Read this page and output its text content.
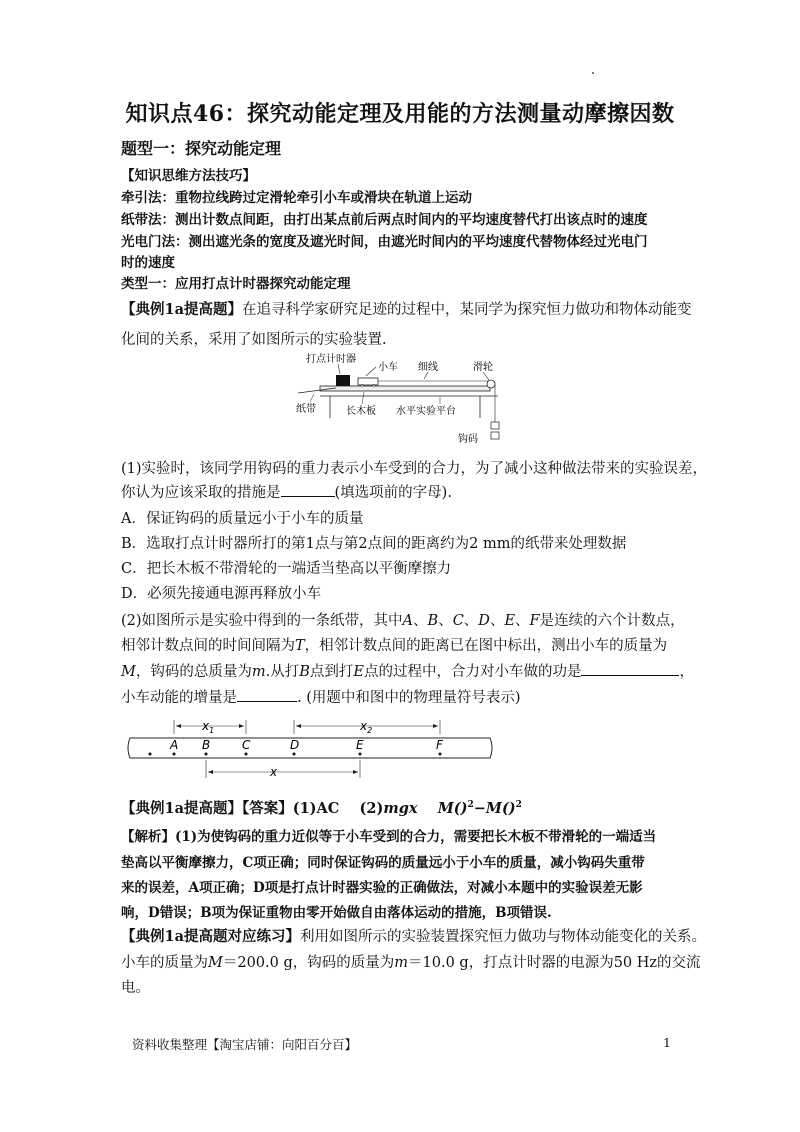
知识点46：探究动能定理及用能的方法测量动摩擦因数
题型一：探究动能定理
【知识思维方法技巧】
牵引法：重物拉线跨过定滑轮牵引小车或滑块在轨道上运动
纸带法：测出计数点间距，由打出某点前后两点时间内的平均速度替代打出该点时的速度
光电门法：测出遮光条的宽度及遮光时间，由遮光时间内的平均速度代替物体经过光电门
时的速度
类型一：应用打点计时器探究动能定理
【典例1a提高题】在追寻科学家研究足迹的过程中，某同学为探究恒力做功和物体动能变
化间的关系，采用了如图所示的实验装置.
打点计时器
小车 细线	滑轮
纸带	长木板 水平实验平台
钩码
(1)实验时，该同学用钩码的重力表示小车受到的合力，为了减小这种做法带来的实验误差，
你认为应该采取的措施是	(填选项前的字母).
A．保证钩码的质量远小于小车的质量
B．选取打点计时器所打的第1点与第2点间的距离约为2 mm的纸带来处理数据
C．把长木板不带滑轮的一端适当垫高以平衡摩擦力
D．必须先接通电源再释放小车
(2)如图所示是实验中得到的一条纸带，其中A、B、C、D、E、F是连续的六个计数点，
相邻计数点间的时间间隔为T，相邻计数点间的距离已在图中标出，测出小车的质量为
M，钩码的总质量为m.从打B点到打E点的过程中，合力对小车做的功是	，
小车动能的增量是	. (用题中和图中的物理量符号表示)
$x_1$	$x_2$
A B	C	D	E	F
x
【典例1a提高题】【答案】(1)AC (2)mgx M()$^2$−M()$^2$
【解析】(1)为使钩码的重力近似等于小车受到的合力，需要把长木板不带滑轮的一端适当
垫高以平衡摩擦力，C项正确；同时保证钩码的质量远小于小车的质量，减小钩码失重带
来的误差，A项正确；D项是打点计时器实验的正确做法，对减小本题中的实验误差无影
响，D错误；B项为保证重物由零开始做自由落体运动的措施，B项错误.
【典例1a提高题对应练习】利用如图所示的实验装置探究恒力做功与物体动能变化的关系。
小车的质量为M＝200.0 g，钩码的质量为m＝10.0 g，打点计时器的电源为50 Hz的交流
电。
资料收集整理【淘宝店铺：向阳百分百】	1
